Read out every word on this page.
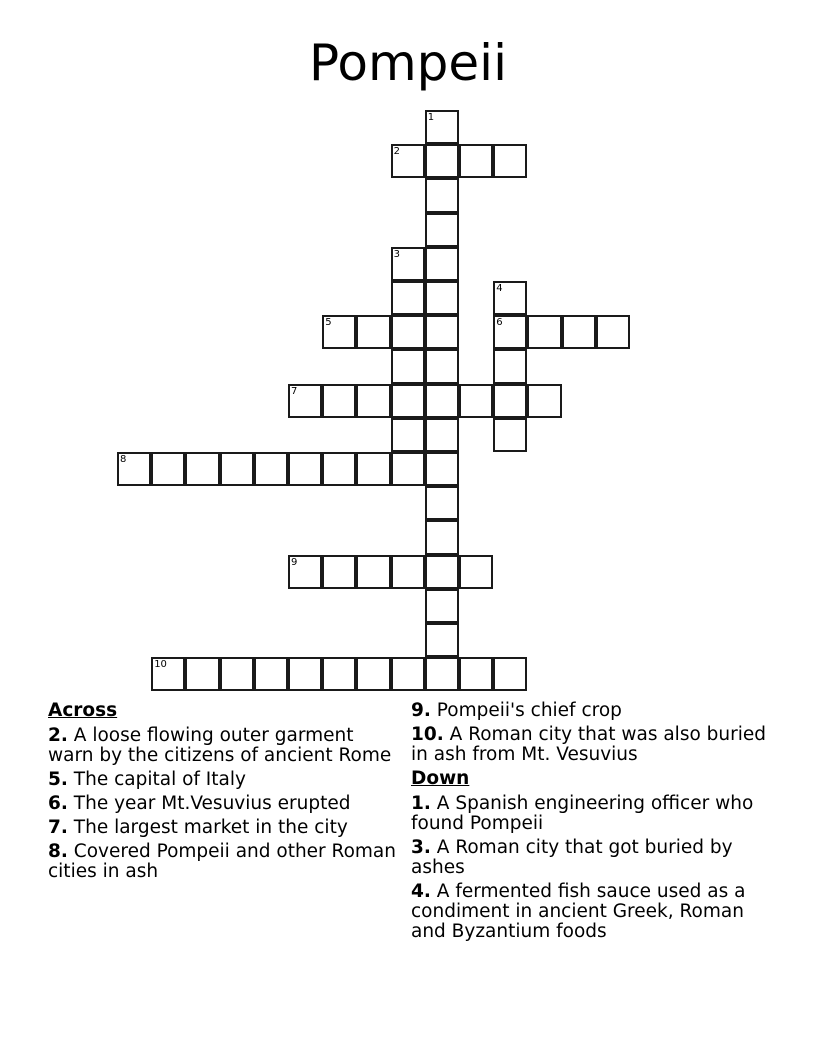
Pompeii
1
2
3
4
6
5
7
8
9
10
Across
2. A loose flowing outer garment warn by the citizens of ancient Rome
5. The capital of Italy
6. The year Mt.Vesuvius erupted
7. The largest market in the city
8. Covered Pompeii and other Roman cities in ash
9. Pompeii's chief crop
10. A Roman city that was also buried in ash from Mt. Vesuvius
Down
1. A Spanish engineering officer who found Pompeii
3. A Roman city that got buried by ashes
4. A fermented fish sauce used as a condiment in ancient Greek, Roman and Byzantium foods
